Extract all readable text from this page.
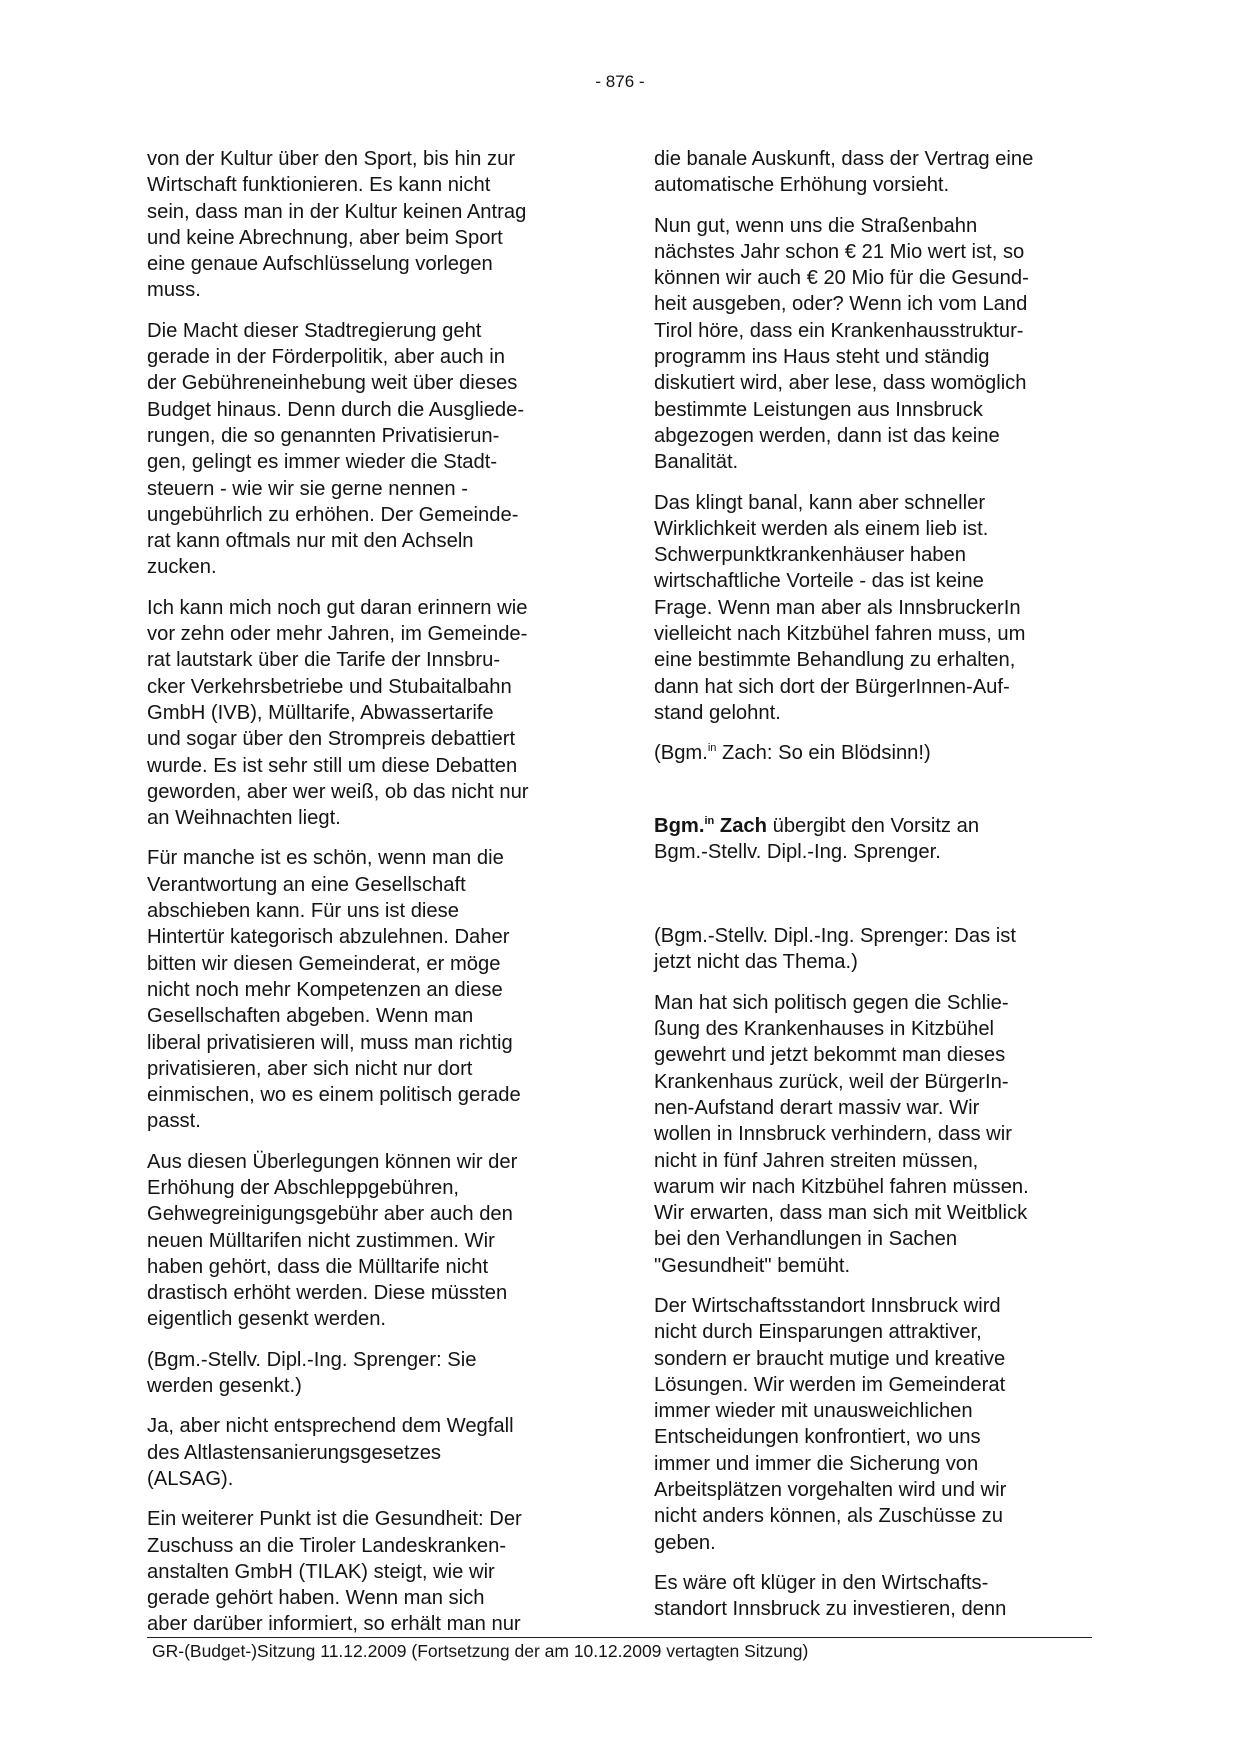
- 876 -

von der Kultur über den Sport, bis hin zur
Wirtschaft funktionieren. Es kann nicht
sein, dass man in der Kultur keinen Antrag
und keine Abrechnung, aber beim Sport
eine genaue Aufschlüsselung vorlegen
muss.

Die Macht dieser Stadtregierung geht
gerade in der Förderpolitik, aber auch in
der Gebühreneinhebung weit über dieses
Budget hinaus. Denn durch die Ausgliede-
rungen, die so genannten Privatisierun-
gen, gelingt es immer wieder die Stadt-
steuern - wie wir sie gerne nennen -
ungebührlich zu erhöhen. Der Gemeinde-
rat kann oftmals nur mit den Achseln
zucken.

Ich kann mich noch gut daran erinnern wie
vor zehn oder mehr Jahren, im Gemeinde-
rat lautstark über die Tarife der Innsbru-
cker Verkehrsbetriebe und Stubaitalbahn
GmbH (IVB), Mülltarife, Abwassertarife
und sogar über den Strompreis debattiert
wurde. Es ist sehr still um diese Debatten
geworden, aber wer weiß, ob das nicht nur
an Weihnachten liegt.

Für manche ist es schön, wenn man die
Verantwortung an eine Gesellschaft
abschieben kann. Für uns ist diese
Hintertür kategorisch abzulehnen. Daher
bitten wir diesen Gemeinderat, er möge
nicht noch mehr Kompetenzen an diese
Gesellschaften abgeben. Wenn man
liberal privatisieren will, muss man richtig
privatisieren, aber sich nicht nur dort
einmischen, wo es einem politisch gerade
passt.

Aus diesen Überlegungen können wir der
Erhöhung der Abschleppgebühren,
Gehwegreinigungsgebühr aber auch den
neuen Mülltarifen nicht zustimmen. Wir
haben gehört, dass die Mülltarife nicht
drastisch erhöht werden. Diese müssten
eigentlich gesenkt werden.

(Bgm.-Stellv. Dipl.-Ing. Sprenger: Sie
werden gesenkt.)

Ja, aber nicht entsprechend dem Wegfall
des Altlastensanierungsgesetzes
(ALSAG).

Ein weiterer Punkt ist die Gesundheit: Der
Zuschuss an die Tiroler Landeskranken-
anstalten GmbH (TILAK) steigt, wie wir
gerade gehört haben. Wenn man sich
aber darüber informiert, so erhält man nur

die banale Auskunft, dass der Vertrag eine
automatische Erhöhung vorsieht.

Nun gut, wenn uns die Straßenbahn
nächstes Jahr schon € 21 Mio wert ist, so
können wir auch € 20 Mio für die Gesund-
heit ausgeben, oder? Wenn ich vom Land
Tirol höre, dass ein Krankenhausstruktur-
programm ins Haus steht und ständig
diskutiert wird, aber lese, dass womöglich
bestimmte Leistungen aus Innsbruck
abgezogen werden, dann ist das keine
Banalität.

Das klingt banal, kann aber schneller
Wirklichkeit werden als einem lieb ist.
Schwerpunktkrankenhäuser haben
wirtschaftliche Vorteile - das ist keine
Frage. Wenn man aber als InnsbruckerIn
vielleicht nach Kitzbühel fahren muss, um
eine bestimmte Behandlung zu erhalten,
dann hat sich dort der BürgerInnen-Auf-
stand gelohnt.

(Bgm.$^{in}$ Zach: So ein Blödsinn!)

Bgm.$^{in}$ Zach übergibt den Vorsitz an
Bgm.-Stellv. Dipl.-Ing. Sprenger.

(Bgm.-Stellv. Dipl.-Ing. Sprenger: Das ist
jetzt nicht das Thema.)

Man hat sich politisch gegen die Schlie-
ßung des Krankenhauses in Kitzbühel
gewehrt und jetzt bekommt man dieses
Krankenhaus zurück, weil der BürgerIn-
nen-Aufstand derart massiv war. Wir
wollen in Innsbruck verhindern, dass wir
nicht in fünf Jahren streiten müssen,
warum wir nach Kitzbühel fahren müssen.
Wir erwarten, dass man sich mit Weitblick
bei den Verhandlungen in Sachen
"Gesundheit" bemüht.

Der Wirtschaftsstandort Innsbruck wird
nicht durch Einsparungen attraktiver,
sondern er braucht mutige und kreative
Lösungen. Wir werden im Gemeinderat
immer wieder mit unausweichlichen
Entscheidungen konfrontiert, wo uns
immer und immer die Sicherung von
Arbeitsplätzen vorgehalten wird und wir
nicht anders können, als Zuschüsse zu
geben.

Es wäre oft klüger in den Wirtschafts-
standort Innsbruck zu investieren, denn

GR-(Budget-)Sitzung 11.12.2009 (Fortsetzung der am 10.12.2009 vertagten Sitzung)
